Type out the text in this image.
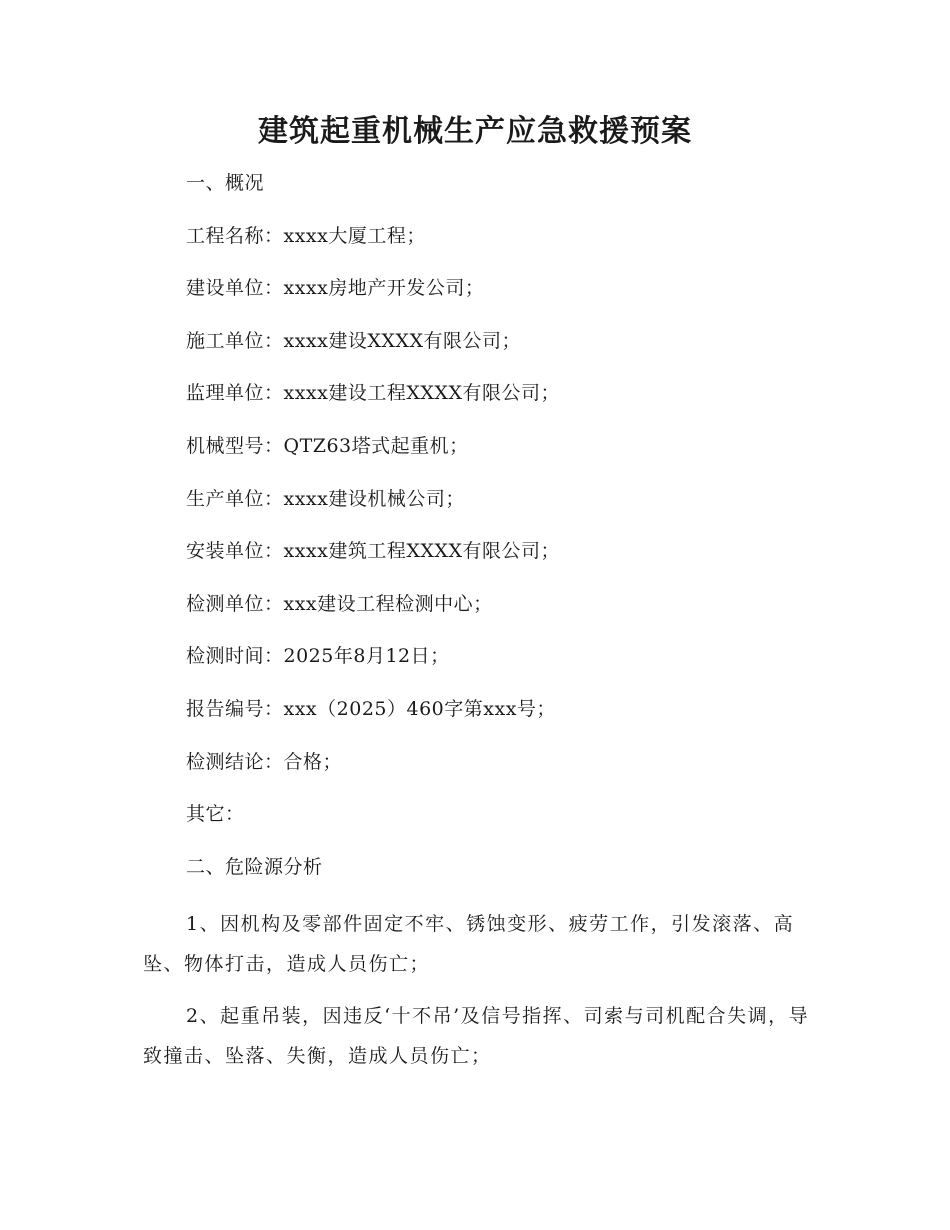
建筑起重机械生产应急救援预案

一、概况

工程名称：xxxx大厦工程；

建设单位：xxxx房地产开发公司；

施工单位：xxxx建设XXXX有限公司；

监理单位：xxxx建设工程XXXX有限公司；

机械型号：QTZ63塔式起重机；

生产单位：xxxx建设机械公司；

安装单位：xxxx建筑工程XXXX有限公司；

检测单位：xxx建设工程检测中心；

检测时间：2025年8月12日；

报告编号：xxx（2025）460字第xxx号；

检测结论：合格；

其它：

二、危险源分析

1、因机构及零部件固定不牢、锈蚀变形、疲劳工作，引发滚落、高坠、物体打击，造成人员伤亡；

2、起重吊装，因违反‘十不吊’及信号指挥、司索与司机配合失调，导致撞击、坠落、失衡，造成人员伤亡；
